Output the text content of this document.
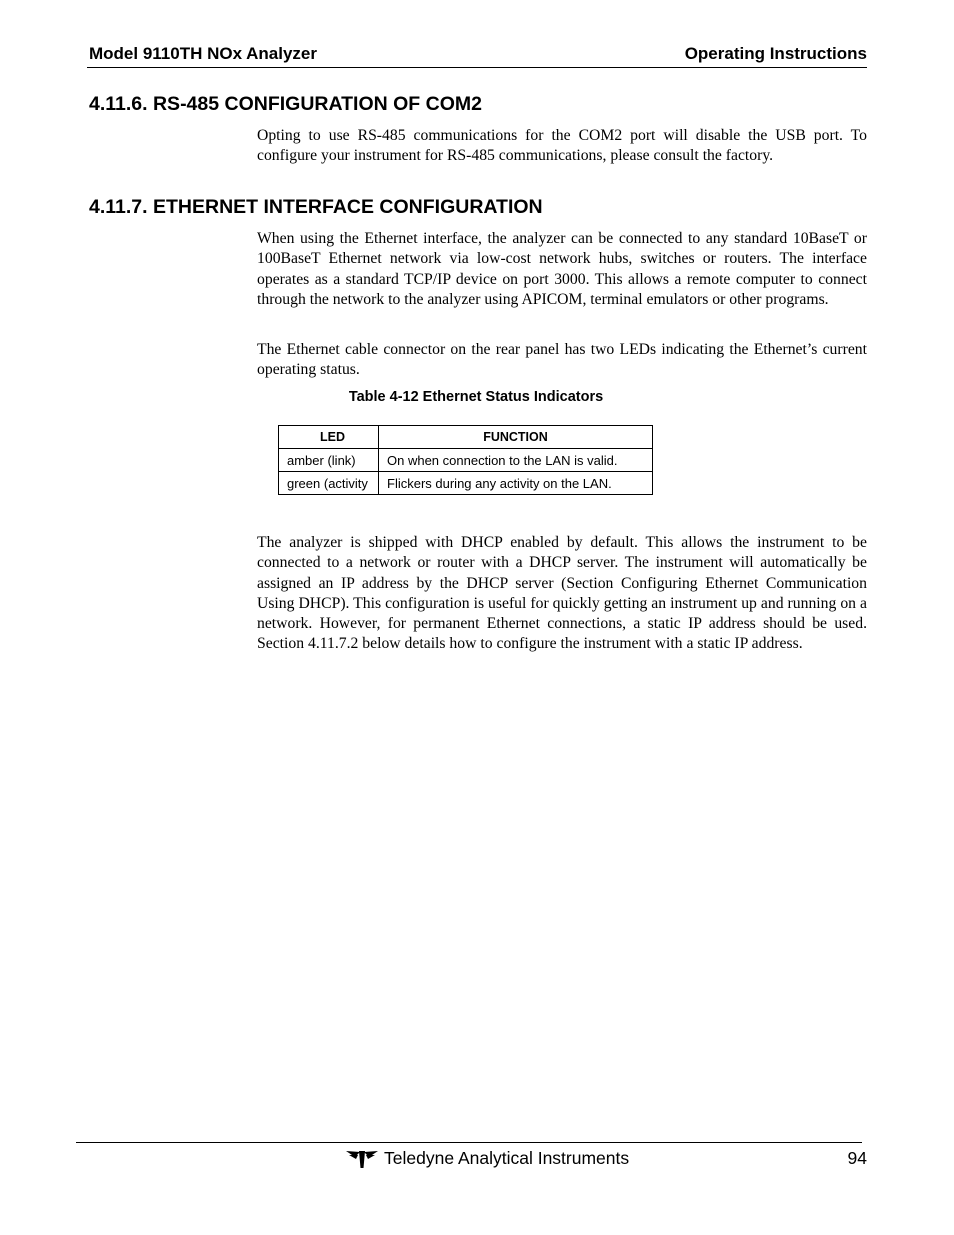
Model 9110TH NOx Analyzer	Operating Instructions
4.11.6. RS-485 CONFIGURATION OF COM2

Opting to use RS-485 communications for the COM2 port will disable the USB port. To configure your instrument for RS-485 communications, please consult the factory.

4.11.7. ETHERNET INTERFACE CONFIGURATION

When using the Ethernet interface, the analyzer can be connected to any standard 10BaseT or 100BaseT Ethernet network via low-cost network hubs, switches or routers. The interface operates as a standard TCP/IP device on port 3000. This allows a remote computer to connect through the network to the analyzer using APICOM, terminal emulators or other programs.

The Ethernet cable connector on the rear panel has two LEDs indicating the Ethernet’s current operating status.

Table 4-12 Ethernet Status Indicators
LED	FUNCTION
amber (link)	On when connection to the LAN is valid.
green (activity	Flickers during any activity on the LAN.

The analyzer is shipped with DHCP enabled by default. This allows the instrument to be connected to a network or router with a DHCP server. The instrument will automatically be assigned an IP address by the DHCP server (Section Configuring Ethernet Communication Using DHCP). This configuration is useful for quickly getting an instrument up and running on a network. However, for permanent Ethernet connections, a static IP address should be used. Section 4.11.7.2 below details how to configure the instrument with a static IP address.

Teledyne Analytical Instruments	94
